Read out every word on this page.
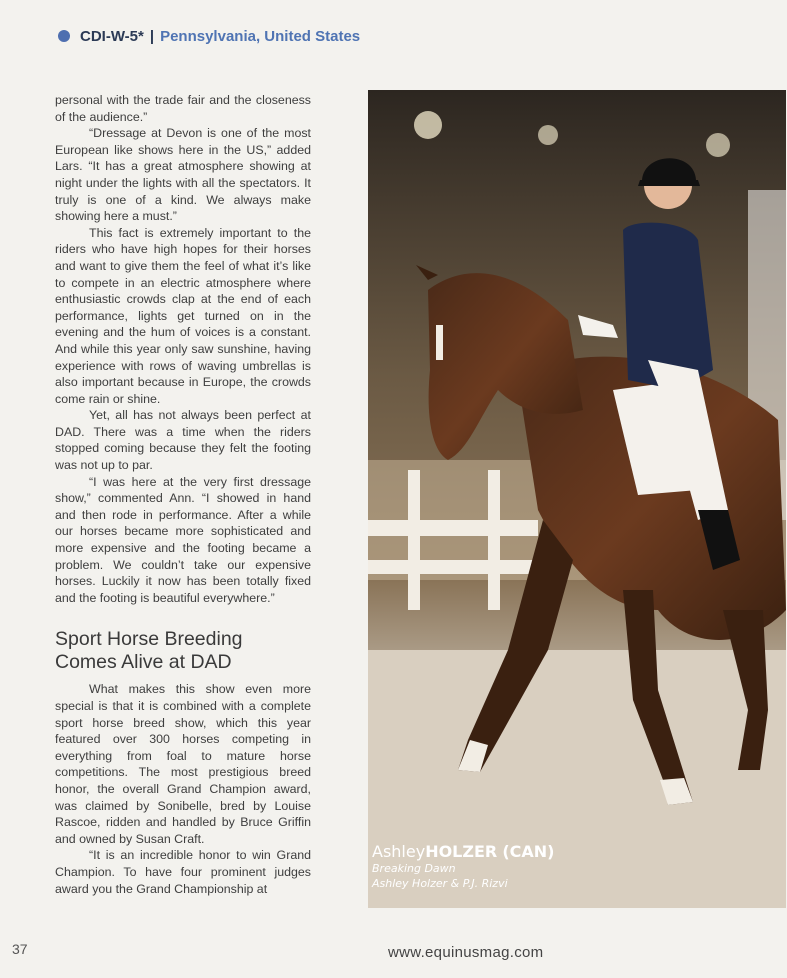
CDI-W-5* | Pennsylvania, United States

personal with the trade fair and the closeness of the audience.”

“Dressage at Devon is one of the most European like shows here in the US,” added Lars. “It has a great atmosphere showing at night under the lights with all the spectators. It truly is one of a kind. We always make showing here a must.”

This fact is extremely important to the riders who have high hopes for their horses and want to give them the feel of what it’s like to compete in an electric atmosphere where enthusiastic crowds clap at the end of each performance, lights get turned on in the evening and the hum of voices is a constant. And while this year only saw sunshine, having experience with rows of waving umbrellas is also important because in Europe, the crowds come rain or shine.

Yet, all has not always been perfect at DAD. There was a time when the riders stopped coming because they felt the footing was not up to par.

“I was here at the very first dressage show,” commented Ann. “I showed in hand and then rode in performance. After a while our horses became more sophisticated and more expensive and the footing became a problem. We couldn’t take our expensive horses. Luckily it now has been totally fixed and the footing is beautiful everywhere.”

Sport Horse Breeding
Comes Alive at DAD

What makes this show even more special is that it is combined with a complete sport horse breed show, which this year featured over 300 horses competing in everything from foal to mature horse competitions. The most prestigious breed honor, the overall Grand Champion award, was claimed by Sonibelle, bred by Louise Rascoe, ridden and handled by Bruce Griffin and owned by Susan Craft.

“It is an incredible honor to win Grand Champion. To have four prominent judges award you the Grand Championship at

AshleyHOLZER (CAN)
Breaking Dawn
Ashley Holzer & P.J. Rizvi
37	www.equinusmag.com
